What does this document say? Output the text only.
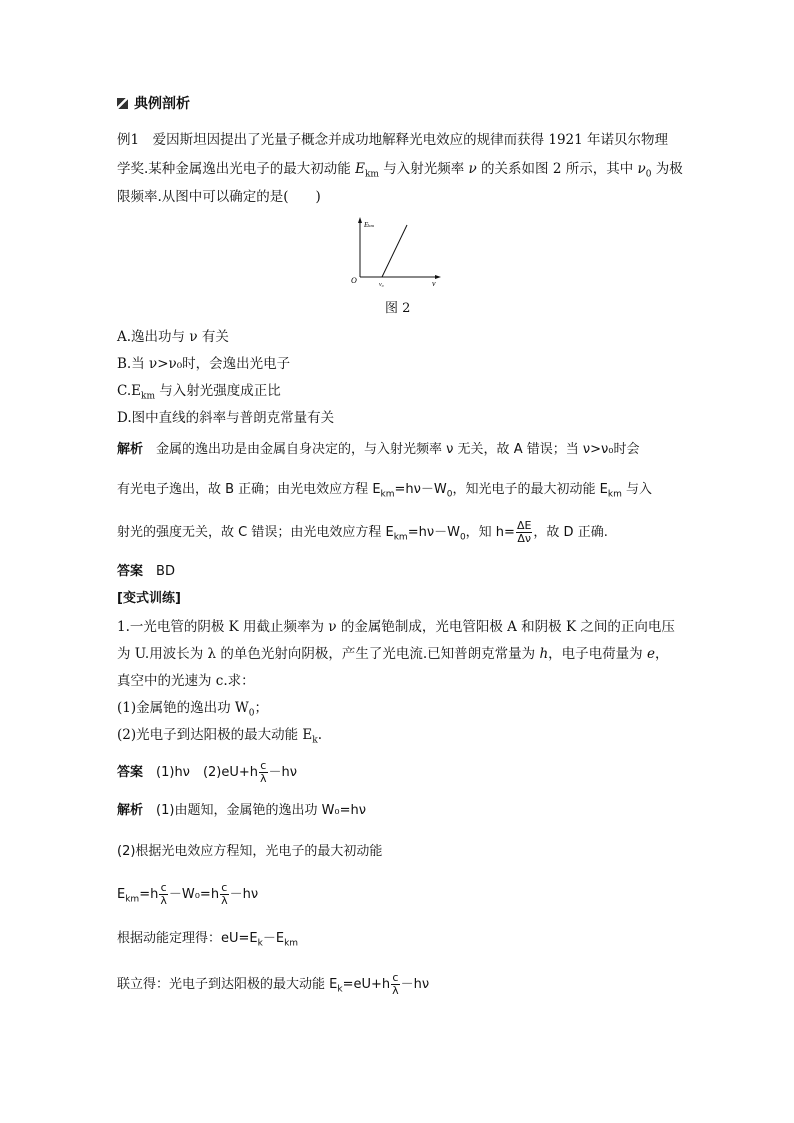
典例剖析
例1　 爱因斯坦因提出了光量子概念并成功地解释光电效应的规律而获得 1921 年诺贝尔物理
学奖.某种金属逸出光电子的最大初动能 $E_{km}$ 与入射光频率 ν 的关系如图 2 所示，其中 $\nu_0$ 为极
限频率.从图中可以确定的是(　　)
Ekm
O	ν₀	ν
图 2
A.逸出功与 ν 有关
B.当 ν>ν₀时，会逸出光电子
$C.E_{km}$ 与入射光强度成正比
D.图中直线的斜率与普朗克常量有关
解析　 金属的逸出功是由金属自身决定的，与入射光频率 ν 无关，故 A 错误；当 ν>ν₀时会
有光电子逸出，故 B 正确；由光电效应方程 $E_{km}=h\nu-W_0$，知光电子的最大初动能 $E_{km}$ 与入
射光的强度无关，故 C 错误；由光电效应方程 $E_{km}=h\nu-W_0$，知 $h= \frac{\Delta E}{\Delta\nu}$ ，故 D 正确.
答案　 BD
[变式训练]
1.一光电管的阴极 K 用截止频率为 ν 的金属铯制成，光电管阳极 A 和阴极 K 之间的正向电压
为 U.用波长为 λ 的单色光射向阴极，产生了光电流.已知普朗克常量为 h，电子电荷量为 e，
真空中的光速为 c.求：
(1)金属铯的逸出功 $W_0$；
(2)光电子到达阳极的最大动能 $E_k$.
答案　 (1)hν　$(2)eU+h \frac{c}{\lambda} -h\nu$
解析　 (1)由题知，金属铯的逸出功 W₀=hν
(2)根据光电效应方程知，光电子的最大初动能
$E_{km}=h \frac{c}{\lambda} -W_0=h \frac{c}{\lambda} -h\nu$
根据动能定理得：$eU=E_k-E_{km}$
联立得：光电子到达阳极的最大动能 $E_k=eU+h \frac{c}{\lambda} -h\nu$
